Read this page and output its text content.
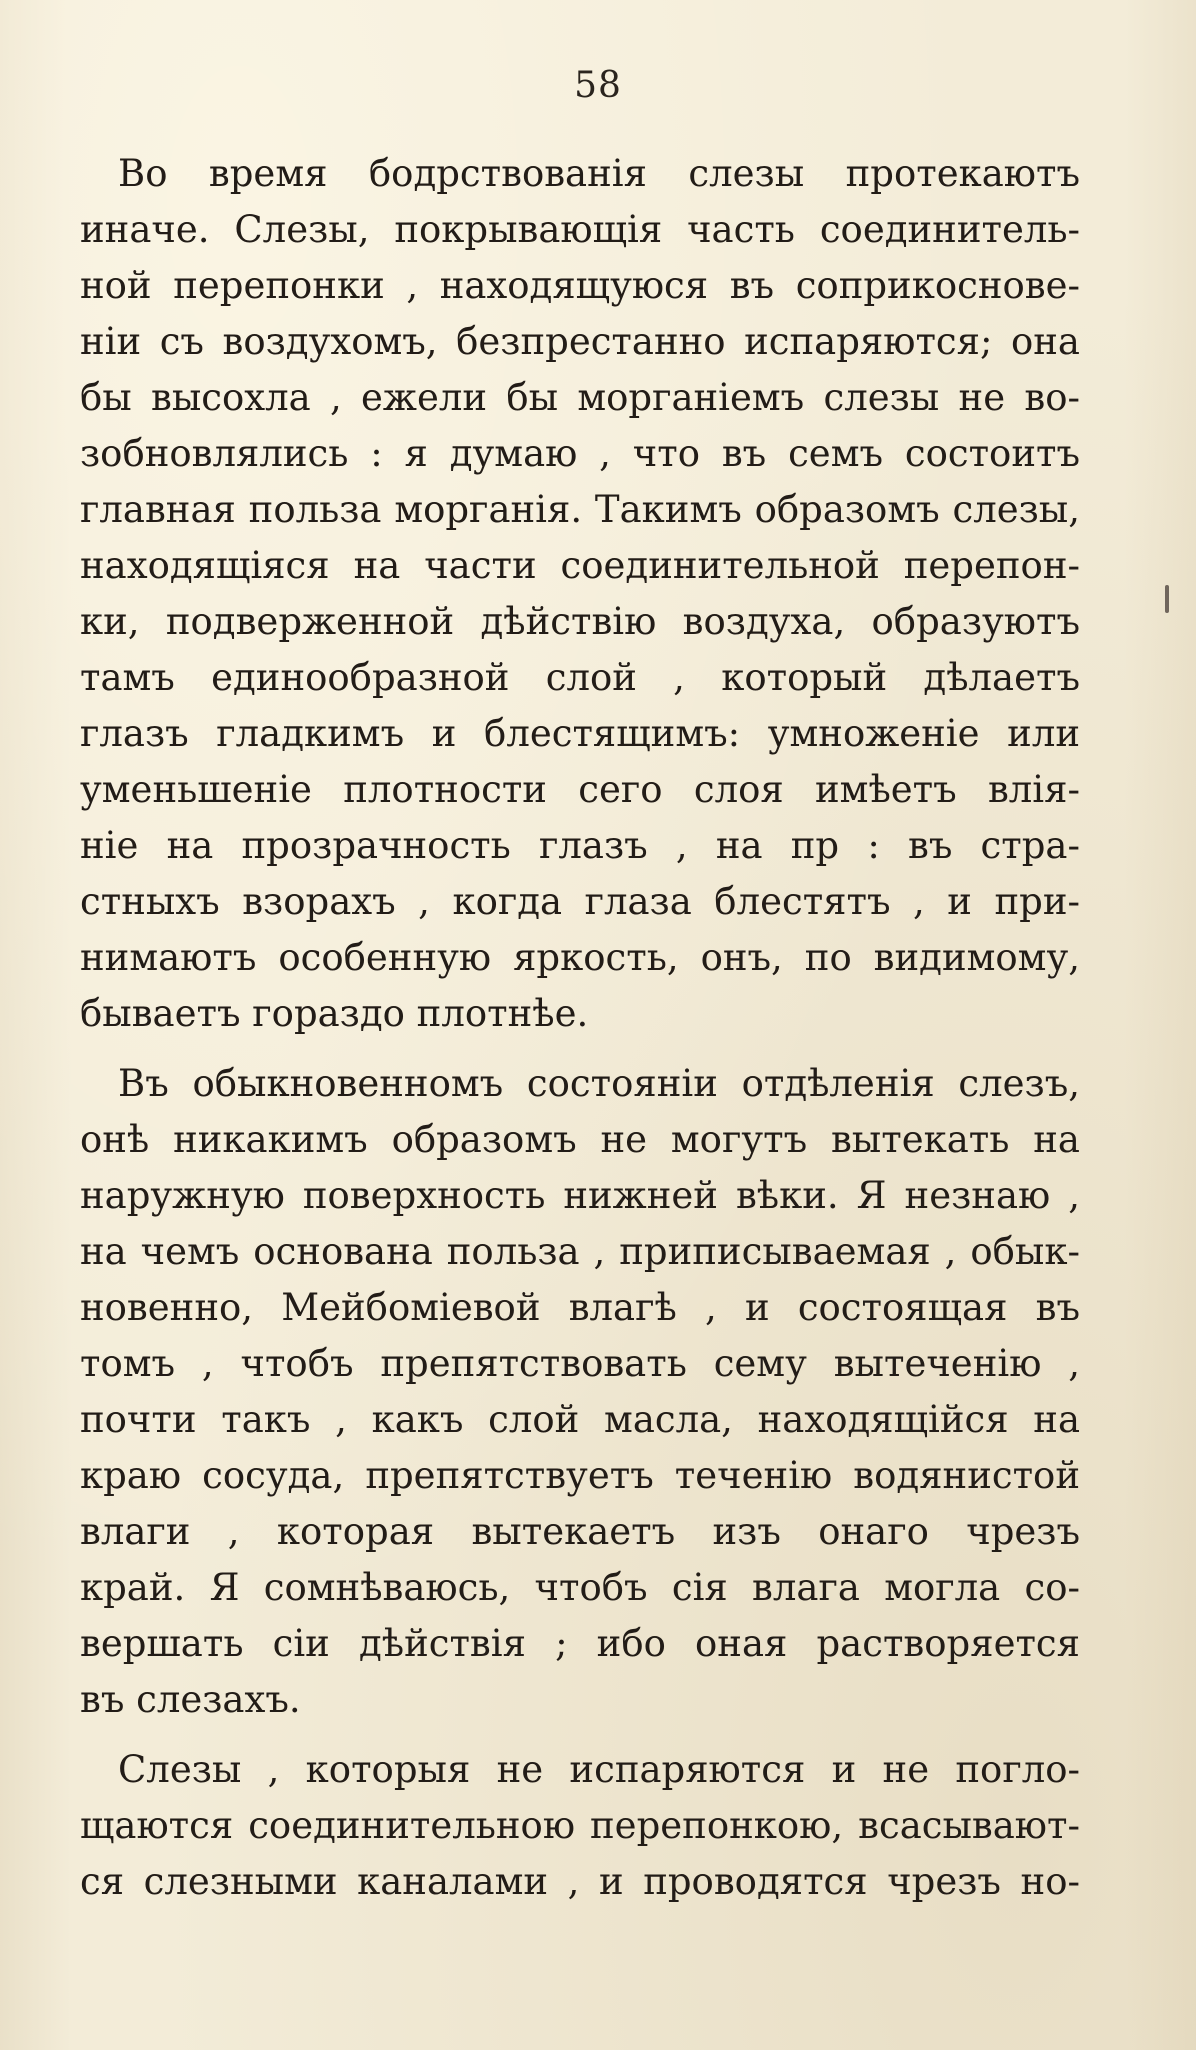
58
Во время бодрствованія слезы протекаютъ
иначе. Слезы, покрывающія часть соединитель-
ной перепонки , находящуюся въ соприкоснове-
ніи съ воздухомъ, безпрестанно испаряются; она
бы высохла , ежели бы морганіемъ слезы не во-
зобновлялись : я думаю , что въ семъ состоитъ
главная польза морганія. Такимъ образомъ слезы,
находящіяся на части соединительной перепон-
ки, подверженной дѣйствію воздуха, образуютъ
тамъ единообразной слой , который дѣлаетъ
глазъ гладкимъ и блестящимъ: умноженіе или
уменьшеніе плотности сего слоя имѣетъ влія-
ніе на прозрачность глазъ , на пр : въ стра-
стныхъ взорахъ , когда глаза блестятъ , и при-
нимаютъ особенную яркость, онъ, по видимому,
бываетъ гораздо плотнѣе.
Въ обыкновенномъ состояніи отдѣленія слезъ,
онѣ никакимъ образомъ не могутъ вытекать на
наружную поверхность нижней вѣки. Я незнаю ,
на чемъ основана польза , приписываемая , обык-
новенно, Мейбоміевой влагѣ , и состоящая въ
томъ , чтобъ препятствовать сему вытеченію ,
почти такъ , какъ слой масла, находящійся на
краю сосуда, препятствуетъ теченію водянистой
влаги , которая вытекаетъ изъ онаго чрезъ
край. Я сомнѣваюсь, чтобъ сія влага могла со-
вершать сіи дѣйствія ; ибо оная растворяется
въ слезахъ.
Слезы , которыя не испаряются и не погло-
щаются соединительною перепонкою, всасывают-
ся слезными каналами , и проводятся чрезъ но-
